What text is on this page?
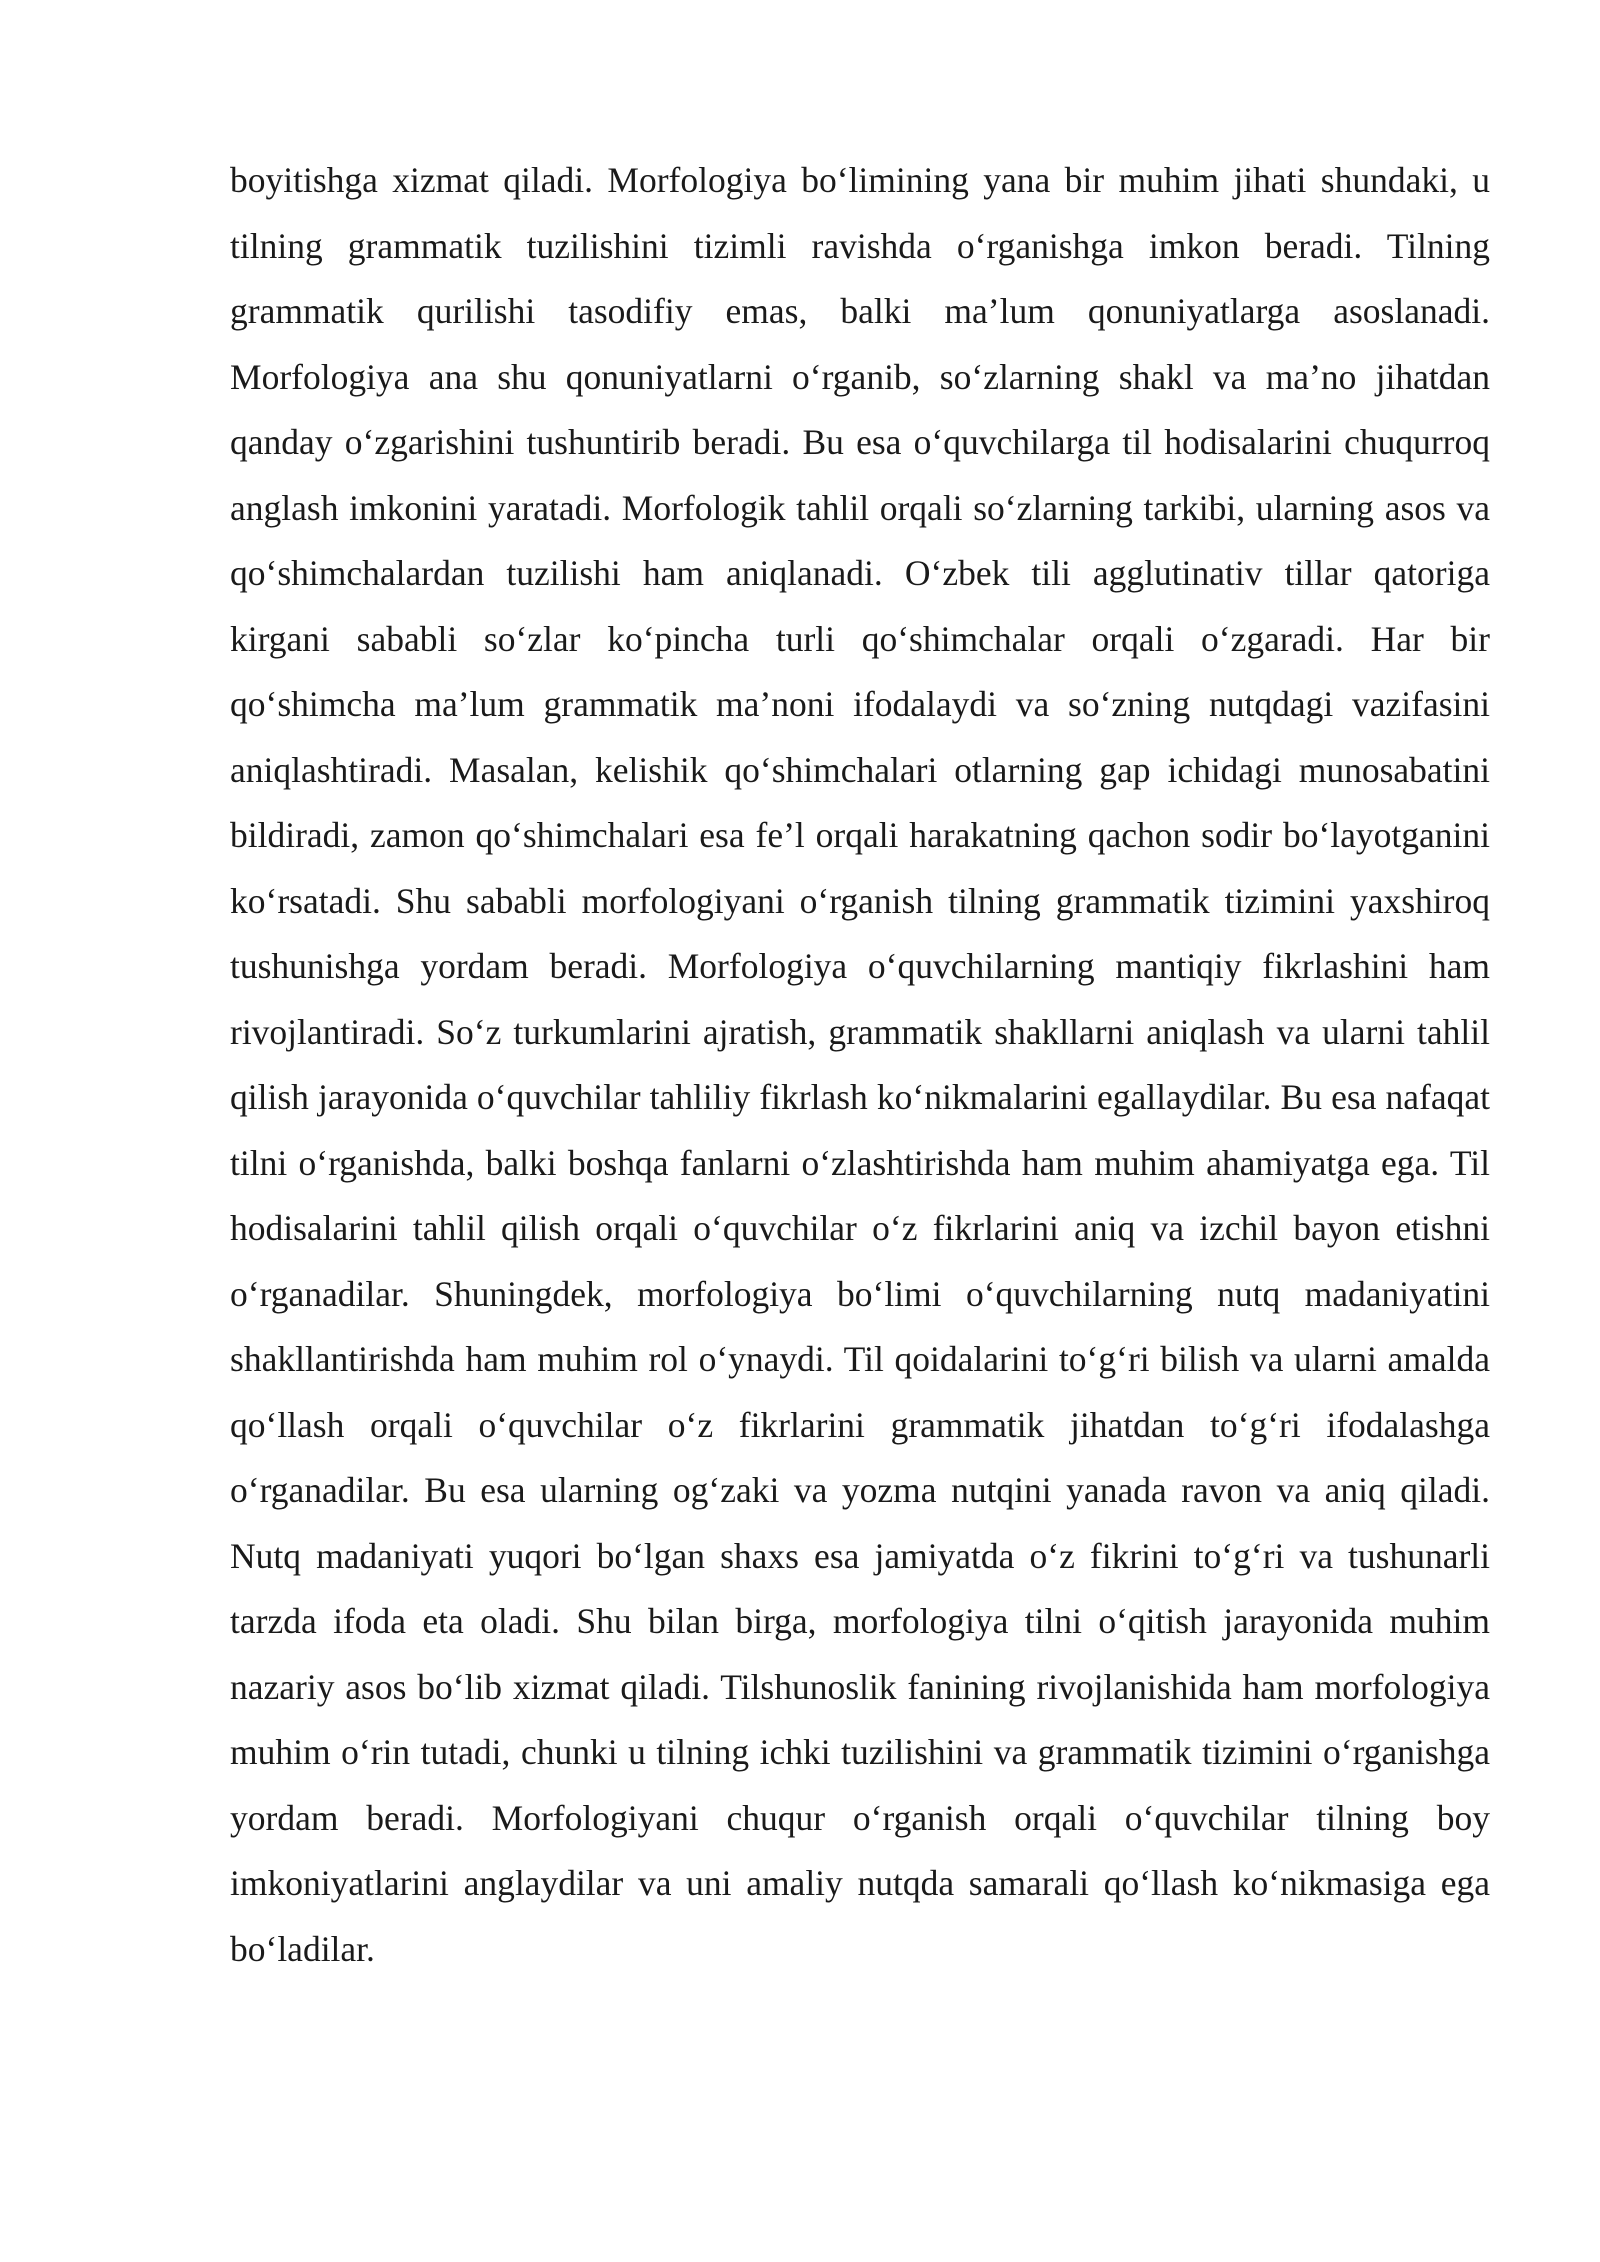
boyitishga xizmat qiladi. Morfologiya bo‘limining yana bir muhim jihati shundaki, u tilning grammatik tuzilishini tizimli ravishda o‘rganishga imkon beradi. Tilning grammatik qurilishi tasodifiy emas, balki ma’lum qonuniyatlarga asoslanadi. Morfologiya ana shu qonuniyatlarni o‘rganib, so‘zlarning shakl va ma’no jihatdan qanday o‘zgarishini tushuntirib beradi. Bu esa o‘quvchilarga til hodisalarini chuqurroq anglash imkonini yaratadi. Morfologik tahlil orqali so‘zlarning tarkibi, ularning asos va qo‘shimchalardan tuzilishi ham aniqlanadi. O‘zbek tili agglutinativ tillar qatoriga kirgani sababli so‘zlar ko‘pincha turli qo‘shimchalar orqali o‘zgaradi. Har bir qo‘shimcha ma’lum grammatik ma’noni ifodalaydi va so‘zning nutqdagi vazifasini aniqlashtiradi. Masalan, kelishik qo‘shimchalari otlarning gap ichidagi munosabatini bildiradi, zamon qo‘shimchalari esa fe’l orqali harakatning qachon sodir bo‘layotganini ko‘rsatadi. Shu sababli morfologiyani o‘rganish tilning grammatik tizimini yaxshiroq tushunishga yordam beradi. Morfologiya o‘quvchilarning mantiqiy fikrlashini ham rivojlantiradi. So‘z turkumlarini ajratish, grammatik shakllarni aniqlash va ularni tahlil qilish jarayonida o‘quvchilar tahliliy fikrlash ko‘nikmalarini egallaydilar. Bu esa nafaqat tilni o‘rganishda, balki boshqa fanlarni o‘zlashtirishda ham muhim ahamiyatga ega. Til hodisalarini tahlil qilish orqali o‘quvchilar o‘z fikrlarini aniq va izchil bayon etishni o‘rganadilar. Shuningdek, morfologiya bo‘limi o‘quvchilarning nutq madaniyatini shakllantirishda ham muhim rol o‘ynaydi. Til qoidalarini to‘g‘ri bilish va ularni amalda qo‘llash orqali o‘quvchilar o‘z fikrlarini grammatik jihatdan to‘g‘ri ifodalashga o‘rganadilar. Bu esa ularning og‘zaki va yozma nutqini yanada ravon va aniq qiladi. Nutq madaniyati yuqori bo‘lgan shaxs esa jamiyatda o‘z fikrini to‘g‘ri va tushunarli tarzda ifoda eta oladi. Shu bilan birga, morfologiya tilni o‘qitish jarayonida muhim nazariy asos bo‘lib xizmat qiladi. Tilshunoslik fanining rivojlanishida ham morfologiya muhim o‘rin tutadi, chunki u tilning ichki tuzilishini va grammatik tizimini o‘rganishga yordam beradi. Morfologiyani chuqur o‘rganish orqali o‘quvchilar tilning boy imkoniyatlarini anglaydilar va uni amaliy nutqda samarali qo‘llash ko‘nikmasiga ega bo‘ladilar.
